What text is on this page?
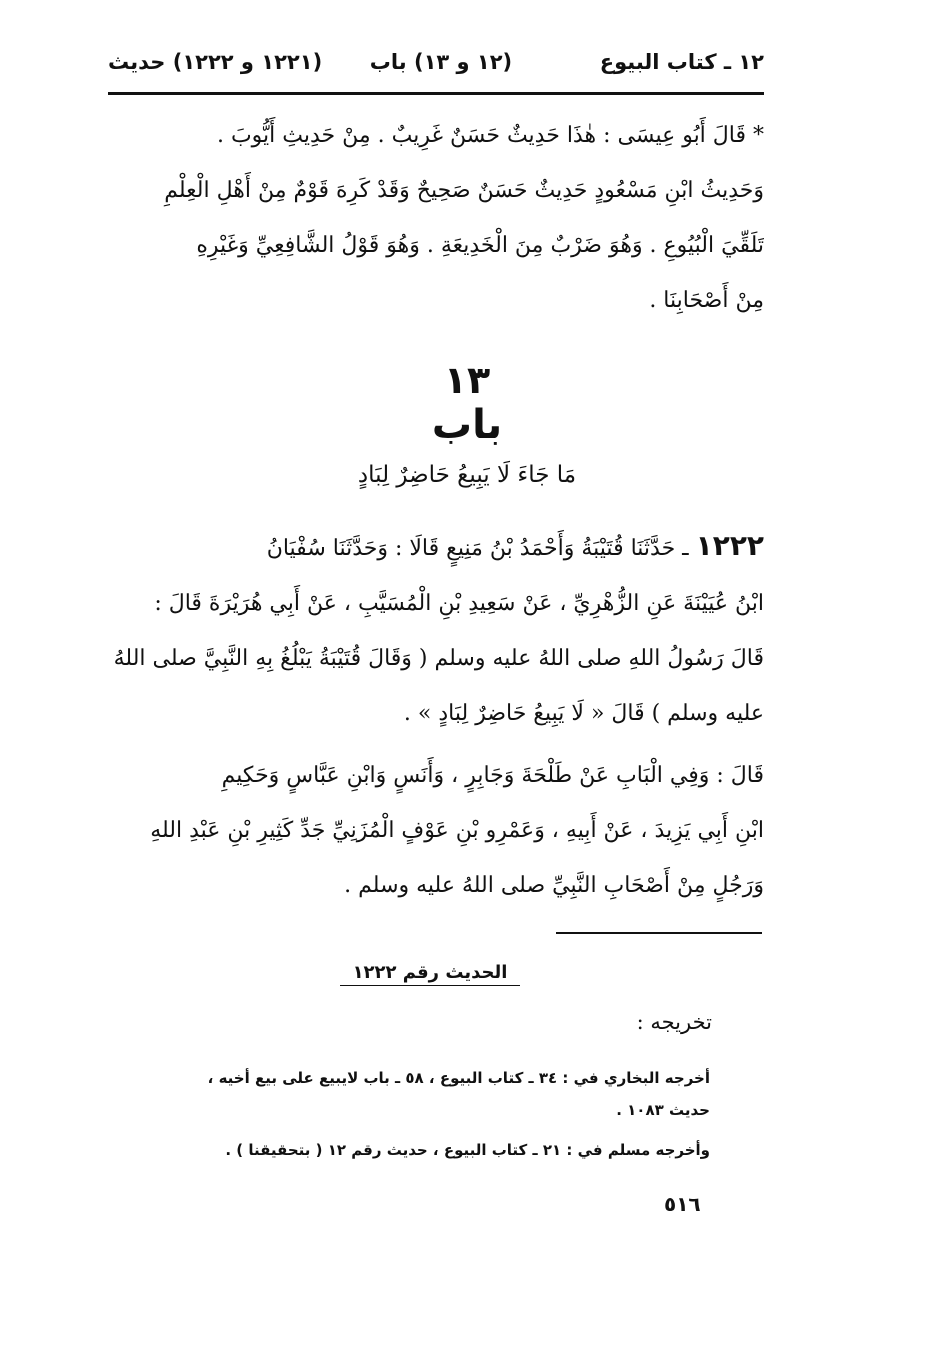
١٢ ـ كتاب البيوع
(١٢ و ١٣) باب
(١٢٢١ و ١٢٢٢) حديث
* قَالَ أَبُو عِيسَى : هٰذَا حَدِيثٌ حَسَنٌ غَرِيبٌ . مِنْ حَدِيثِ أَيُّوبَ .
وَحَدِيثُ ابْنِ مَسْعُودٍ حَدِيثٌ حَسَنٌ صَحِيحٌ وَقَدْ كَرِهَ قَوْمٌ مِنْ أَهْلِ الْعِلْمِ
تَلَقِّيَ الْبُيُوعِ . وَهُوَ ضَرْبٌ مِنَ الْخَدِيعَةِ . وَهُوَ قَوْلُ الشَّافِعِيِّ وَغَيْرِهِ
مِنْ أَصْحَابِنَا .
١٣
باب
مَا جَاءَ لَا يَبِيعُ حَاضِرٌ لِبَادٍ
١٢٢٢ ـ حَدَّثَنَا قُتَيْبَةُ وَأَحْمَدُ بْنُ مَنِيعٍ قَالَا : وَحَدَّثَنَا سُفْيَانُ
ابْنُ عُيَيْنَةَ عَنِ الزُّهْرِيِّ ، عَنْ سَعِيدِ بْنِ الْمُسَيَّبِ ، عَنْ أَبِي هُرَيْرَةَ قَالَ :
قَالَ رَسُولُ اللهِ صلى اللهُ عليه وسلم ( وَقَالَ قُتَيْبَةُ يَبْلُغُ بِهِ النَّبِيَّ صلى اللهُ
عليه وسلم ) قَالَ « لَا يَبِيعُ حَاضِرٌ لِبَادٍ » .
قَالَ : وَفِي الْبَابِ عَنْ طَلْحَةَ وَجَابِرٍ ، وَأَنَسٍ وَابْنِ عَبَّاسٍ وَحَكِيمِ
ابْنِ أَبِي يَزِيدَ ، عَنْ أَبِيهِ ، وَعَمْرِو بْنِ عَوْفٍ الْمُزَنِيِّ جَدِّ كَثِيرِ بْنِ عَبْدِ اللهِ
وَرَجُلٍ مِنْ أَصْحَابِ النَّبِيِّ صلى اللهُ عليه وسلم .
الحديث رقم ١٢٢٢
تخريجه :
أخرجه البخاري في : ٣٤ ـ كتاب البيوع ، ٥٨ ـ باب لايبيع على بيع أخيه ،
حديث ١٠٨٣ .
وأخرجه مسلم في : ٢١ ـ كتاب البيوع ، حديث رقم ١٢ ( بتحقيقنا ) .
٥١٦
